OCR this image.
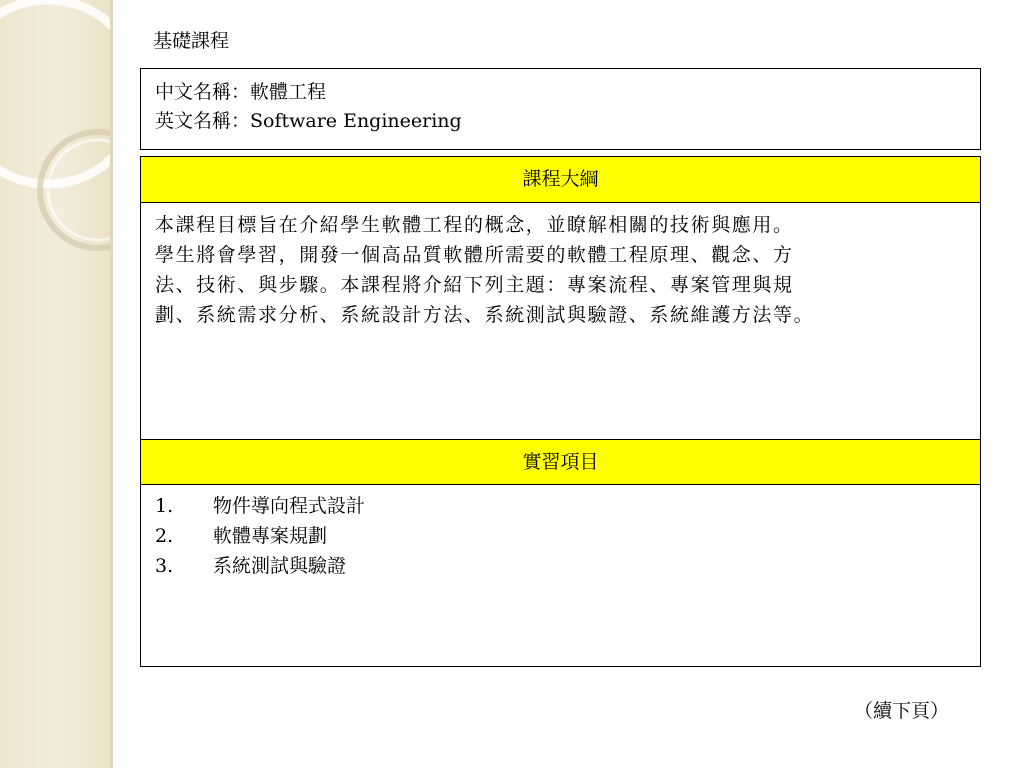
基礎課程
中文名稱：軟體工程
英文名稱：Software Engineering
課程大綱
本課程目標旨在介紹學生軟體工程的概念，並瞭解相關的技術與應用。
學生將會學習，開發一個高品質軟體所需要的軟體工程原理、觀念、方
法、技術、與步驟。本課程將介紹下列主題：專案流程、專案管理與規
劃、系統需求分析、系統設計方法、系統測試與驗證、系統維護方法等。
實習項目
1.	物件導向程式設計
2.	軟體專案規劃
3.	系統測試與驗證
（續下頁）
